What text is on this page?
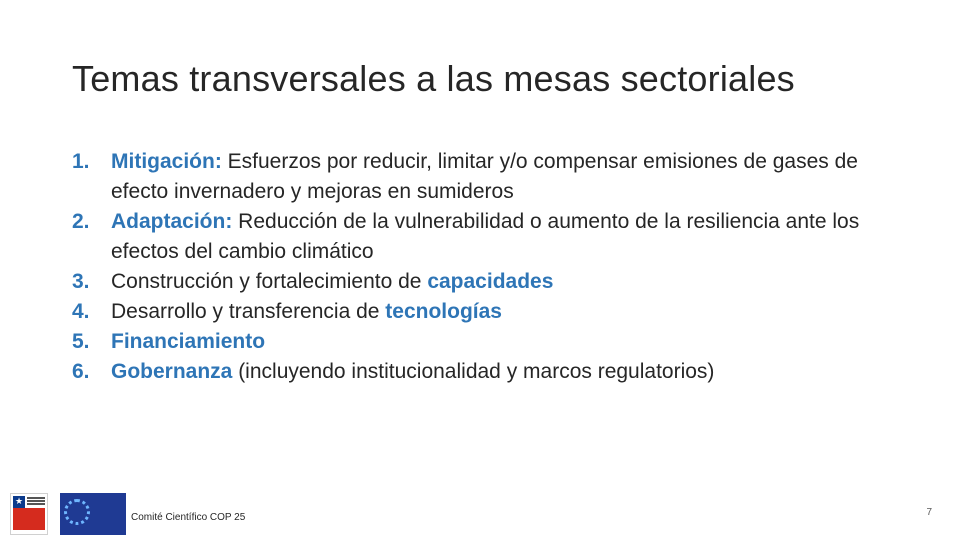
Temas transversales a las mesas sectoriales
1. Mitigación: Esfuerzos por reducir, limitar y/o compensar emisiones de gases de efecto invernadero y mejoras en sumideros
2. Adaptación: Reducción de la vulnerabilidad o aumento de la resiliencia ante los efectos del cambio climático
3. Construcción y fortalecimiento de capacidades
4. Desarrollo y transferencia de tecnologías
5. Financiamiento
6. Gobernanza (incluyendo institucionalidad y marcos regulatorios)
★
Comité Científico COP 25	7
